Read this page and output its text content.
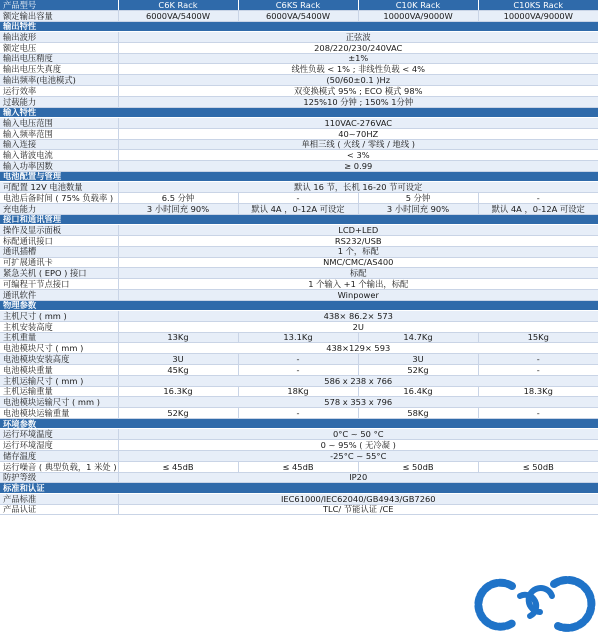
产品型号	C6K Rack	C6KS Rack	C10K Rack	C10KS Rack
额定输出容量	6000VA/5400W	6000VA/5400W	10000VA/9000W	10000VA/9000W
输出特性				
输出波形	正弦波			
额定电压	208/220/230/240VAC			
输出电压精度	±1%			
输出电压失真度	线性负载 < 1% ; 非线性负载 < 4%			
输出频率(电池模式)	(50/60±0.1 )Hz			
运行效率	双变换模式 95% ; ECO 模式 98%			
过载能力	125%10 分钟 ; 150% 1分钟			
输入特性				
输入电压范围	110VAC-276VAC			
输入频率范围	40~70HZ			
输入连接	单相三线 ( 火线 / 零线 / 地线 )			
输入谐波电流	< 3%			
输入功率因数	≥ 0.99			
电池配置与管理				
可配置 12V 电池数量	默认 16 节，长机 16-20 节可设定			
电池后备时间 ( 75% 负载率 )	6.5 分钟	-	5 分钟	-
充电能力	3 小时回充 90%	默认 4A ，0-12A 可设定	3 小时回充 90%	默认 4A ，0-12A 可设定
接口和通讯管理				
操作及显示面板	LCD+LED			
标配通讯接口	RS232/USB			
通讯插槽	1 个，标配			
可扩展通讯卡	NMC/CMC/AS400			
紧急关机 ( EPO ) 接口	标配			
可编程干节点接口	1 个输入 +1 个输出，标配			
通讯软件	Winpower			
物理参数				
主机尺寸 ( mm )	438× 86.2× 573			
主机安装高度	2U			
主机重量	13Kg	13.1Kg	14.7Kg	15Kg
电池模块尺寸 ( mm )	438×129× 593			
电池模块安装高度	3U	-	3U	-
电池模块重量	45Kg	-	52Kg	-
主机运输尺寸 ( mm )	586 x 238 x 766			
主机运输重量	16.3Kg	18Kg	16.4Kg	18.3Kg
电池模块运输尺寸 ( mm )	578 x 353 x 796			
电池模块运输重量	52Kg	-	58Kg	-
环境参数				
运行环境温度	0°C ~ 50 °C			
运行环境湿度	0 ~ 95% ( 无冷凝 )			
储存温度	-25°C ~ 55°C			
运行噪音 ( 典型负载，1 米处 )	≤ 45dB	≤ 45dB	≤ 50dB	≤ 50dB
防护等级	IP20			
标准和认证				
产品标准	IEC61000/IEC62040/GB4943/GB7260			
产品认证	TLC/ 节能认证 /CE			
